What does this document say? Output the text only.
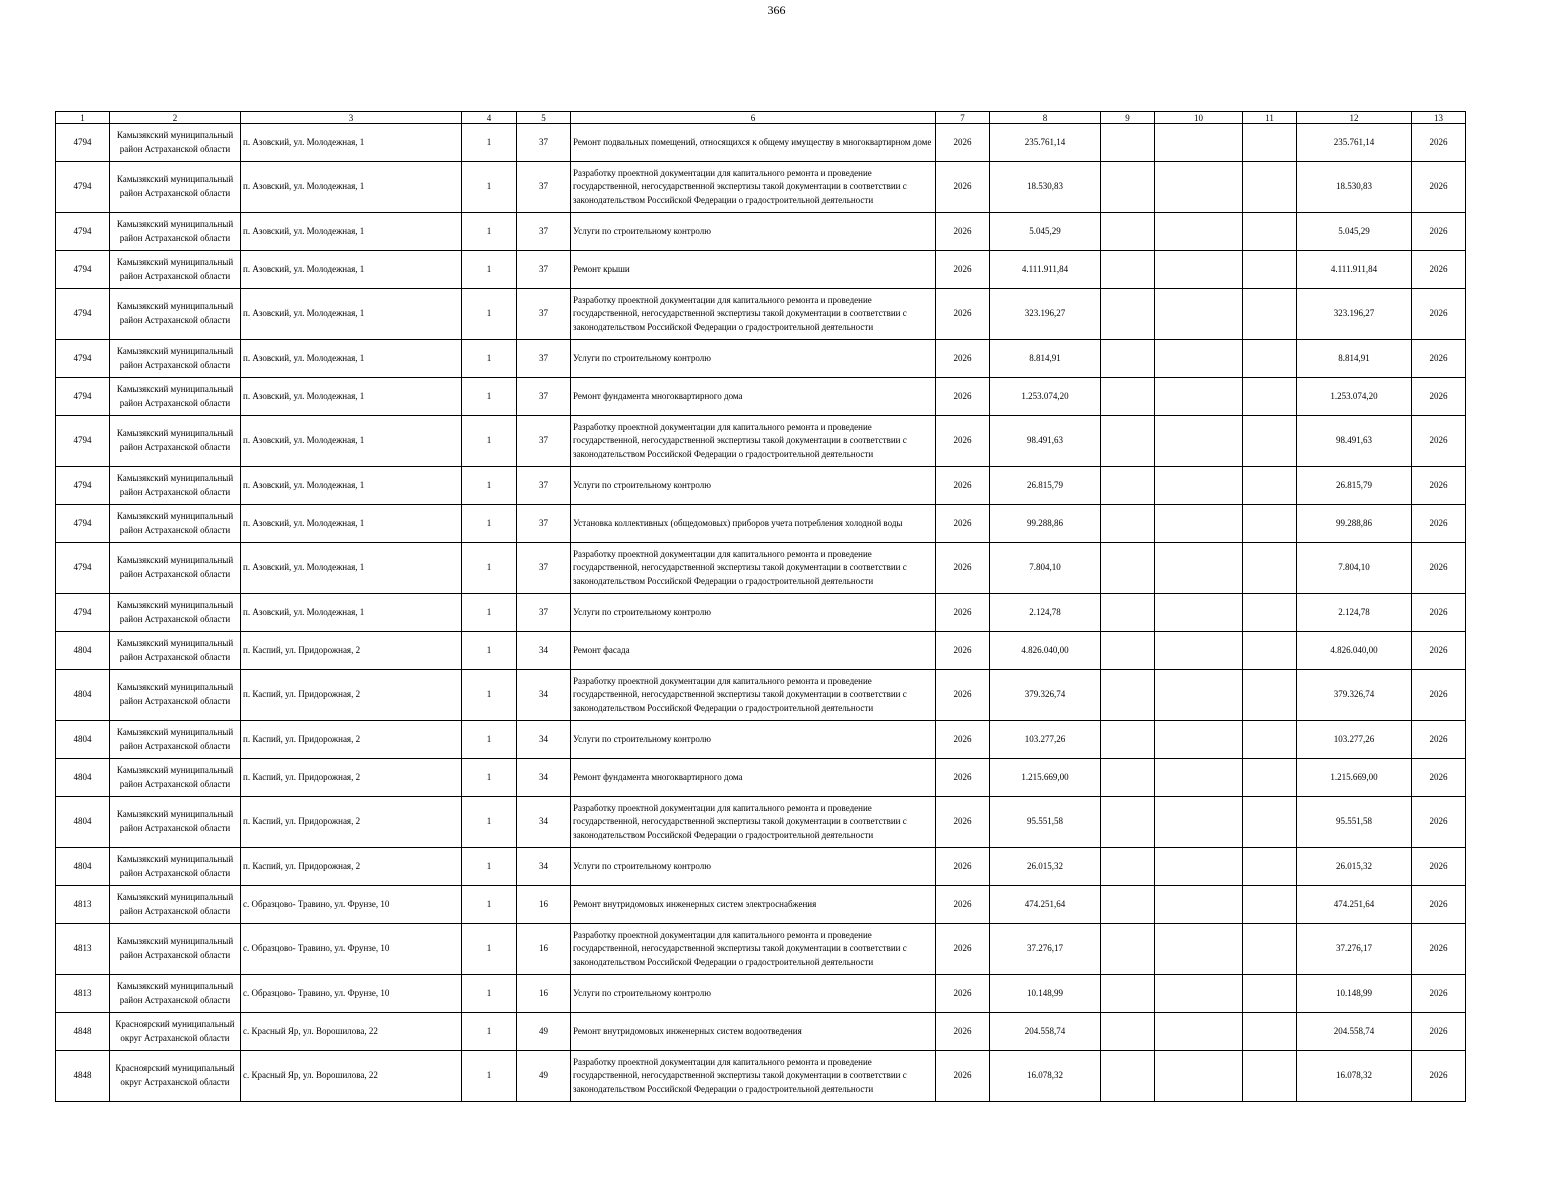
366
1	2	3	4	5	6	7	8	9	10	11	12	13
4794	Камызякский муниципальный район Астраханской области	п. Азовский, ул. Молодежная, 1	1	37	Ремонт подвальных помещений, относящихся к общему имуществу в многоквартирном доме	2026	235.761,14				235.761,14	2026
4794	Камызякский муниципальный район Астраханской области	п. Азовский, ул. Молодежная, 1	1	37	Разработку проектной документации для капитального ремонта и проведение государственной, негосударственной экспертизы такой документации в соответствии с законодательством Российской Федерации о градостроительной деятельности	2026	18.530,83				18.530,83	2026
4794	Камызякский муниципальный район Астраханской области	п. Азовский, ул. Молодежная, 1	1	37	Услуги по строительному контролю	2026	5.045,29				5.045,29	2026
4794	Камызякский муниципальный район Астраханской области	п. Азовский, ул. Молодежная, 1	1	37	Ремонт крыши	2026	4.111.911,84				4.111.911,84	2026
4794	Камызякский муниципальный район Астраханской области	п. Азовский, ул. Молодежная, 1	1	37	Разработку проектной документации для капитального ремонта и проведение государственной, негосударственной экспертизы такой документации в соответствии с законодательством Российской Федерации о градостроительной деятельности	2026	323.196,27				323.196,27	2026
4794	Камызякский муниципальный район Астраханской области	п. Азовский, ул. Молодежная, 1	1	37	Услуги по строительному контролю	2026	8.814,91				8.814,91	2026
4794	Камызякский муниципальный район Астраханской области	п. Азовский, ул. Молодежная, 1	1	37	Ремонт фундамента многоквартирного дома	2026	1.253.074,20				1.253.074,20	2026
4794	Камызякский муниципальный район Астраханской области	п. Азовский, ул. Молодежная, 1	1	37	Разработку проектной документации для капитального ремонта и проведение государственной, негосударственной экспертизы такой документации в соответствии с законодательством Российской Федерации о градостроительной деятельности	2026	98.491,63				98.491,63	2026
4794	Камызякский муниципальный район Астраханской области	п. Азовский, ул. Молодежная, 1	1	37	Услуги по строительному контролю	2026	26.815,79				26.815,79	2026
4794	Камызякский муниципальный район Астраханской области	п. Азовский, ул. Молодежная, 1	1	37	Установка коллективных (общедомовых) приборов учета потребления холодной воды	2026	99.288,86				99.288,86	2026
4794	Камызякский муниципальный район Астраханской области	п. Азовский, ул. Молодежная, 1	1	37	Разработку проектной документации для капитального ремонта и проведение государственной, негосударственной экспертизы такой документации в соответствии с законодательством Российской Федерации о градостроительной деятельности	2026	7.804,10				7.804,10	2026
4794	Камызякский муниципальный район Астраханской области	п. Азовский, ул. Молодежная, 1	1	37	Услуги по строительному контролю	2026	2.124,78				2.124,78	2026
4804	Камызякский муниципальный район Астраханской области	п. Каспий, ул. Придорожная, 2	1	34	Ремонт фасада	2026	4.826.040,00				4.826.040,00	2026
4804	Камызякский муниципальный район Астраханской области	п. Каспий, ул. Придорожная, 2	1	34	Разработку проектной документации для капитального ремонта и проведение государственной, негосударственной экспертизы такой документации в соответствии с законодательством Российской Федерации о градостроительной деятельности	2026	379.326,74				379.326,74	2026
4804	Камызякский муниципальный район Астраханской области	п. Каспий, ул. Придорожная, 2	1	34	Услуги по строительному контролю	2026	103.277,26				103.277,26	2026
4804	Камызякский муниципальный район Астраханской области	п. Каспий, ул. Придорожная, 2	1	34	Ремонт фундамента многоквартирного дома	2026	1.215.669,00				1.215.669,00	2026
4804	Камызякский муниципальный район Астраханской области	п. Каспий, ул. Придорожная, 2	1	34	Разработку проектной документации для капитального ремонта и проведение государственной, негосударственной экспертизы такой документации в соответствии с законодательством Российской Федерации о градостроительной деятельности	2026	95.551,58				95.551,58	2026
4804	Камызякский муниципальный район Астраханской области	п. Каспий, ул. Придорожная, 2	1	34	Услуги по строительному контролю	2026	26.015,32				26.015,32	2026
4813	Камызякский муниципальный район Астраханской области	с. Образцово- Травино, ул. Фрунзе, 10	1	16	Ремонт внутридомовых инженерных систем электроснабжения	2026	474.251,64				474.251,64	2026
4813	Камызякский муниципальный район Астраханской области	с. Образцово- Травино, ул. Фрунзе, 10	1	16	Разработку проектной документации для капитального ремонта и проведение государственной, негосударственной экспертизы такой документации в соответствии с законодательством Российской Федерации о градостроительной деятельности	2026	37.276,17				37.276,17	2026
4813	Камызякский муниципальный район Астраханской области	с. Образцово- Травино, ул. Фрунзе, 10	1	16	Услуги по строительному контролю	2026	10.148,99				10.148,99	2026
4848	Красноярский муниципальный округ Астраханской области	с. Красный Яр, ул. Ворошилова, 22	1	49	Ремонт внутридомовых инженерных систем водоотведения	2026	204.558,74				204.558,74	2026
4848	Красноярский муниципальный округ Астраханской области	с. Красный Яр, ул. Ворошилова, 22	1	49	Разработку проектной документации для капитального ремонта и проведение государственной, негосударственной экспертизы такой документации в соответствии с законодательством Российской Федерации о градостроительной деятельности	2026	16.078,32				16.078,32	2026
